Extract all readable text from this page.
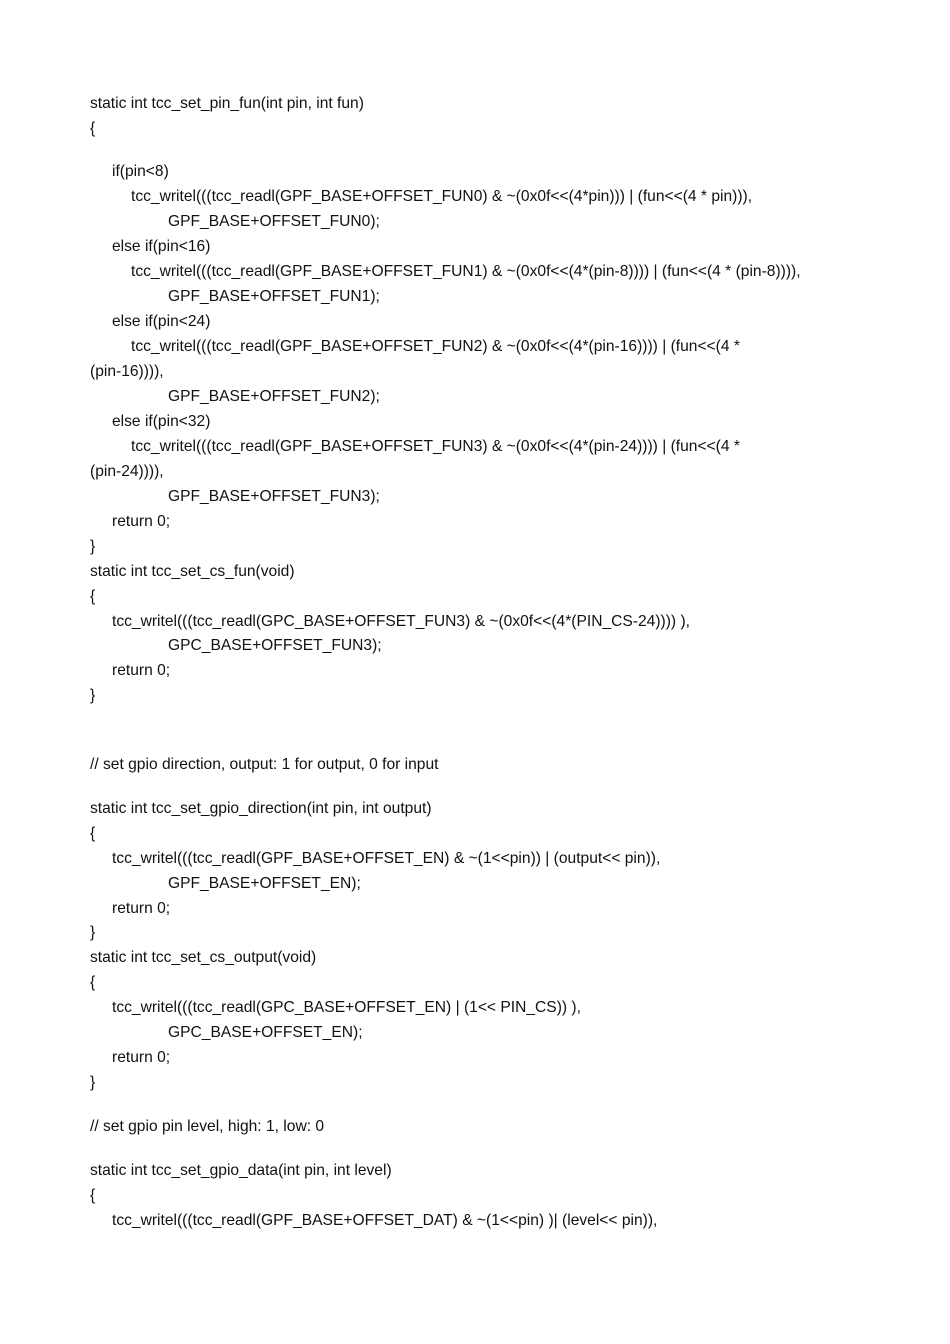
static int tcc_set_pin_fun(int pin, int fun)
{
if(pin<8)
tcc_writel(((tcc_readl(GPF_BASE+OFFSET_FUN0) & ~(0x0f<<(4*pin))) | (fun<<(4 * pin))),
GPF_BASE+OFFSET_FUN0);
else if(pin<16)
tcc_writel(((tcc_readl(GPF_BASE+OFFSET_FUN1) & ~(0x0f<<(4*(pin-8)))) | (fun<<(4 * (pin-8)))),
GPF_BASE+OFFSET_FUN1);
else if(pin<24)
tcc_writel(((tcc_readl(GPF_BASE+OFFSET_FUN2) & ~(0x0f<<(4*(pin-16)))) | (fun<<(4 *
(pin-16)))),
GPF_BASE+OFFSET_FUN2);
else if(pin<32)
tcc_writel(((tcc_readl(GPF_BASE+OFFSET_FUN3) & ~(0x0f<<(4*(pin-24)))) | (fun<<(4 *
(pin-24)))),
GPF_BASE+OFFSET_FUN3);
return 0;
}
static int tcc_set_cs_fun(void)
{
tcc_writel(((tcc_readl(GPC_BASE+OFFSET_FUN3) & ~(0x0f<<(4*(PIN_CS-24)))) ),
GPC_BASE+OFFSET_FUN3);
return 0;
}
// set gpio direction, output: 1 for output, 0 for input
static int tcc_set_gpio_direction(int pin, int output)
{
tcc_writel(((tcc_readl(GPF_BASE+OFFSET_EN) & ~(1<<pin)) | (output<< pin)),
GPF_BASE+OFFSET_EN);
return 0;
}
static int tcc_set_cs_output(void)
{
tcc_writel(((tcc_readl(GPC_BASE+OFFSET_EN) | (1<< PIN_CS)) ),
GPC_BASE+OFFSET_EN);
return 0;
}
// set gpio pin level, high: 1, low: 0
static int tcc_set_gpio_data(int pin, int level)
{
tcc_writel(((tcc_readl(GPF_BASE+OFFSET_DAT) & ~(1<<pin) )| (level<< pin)),
